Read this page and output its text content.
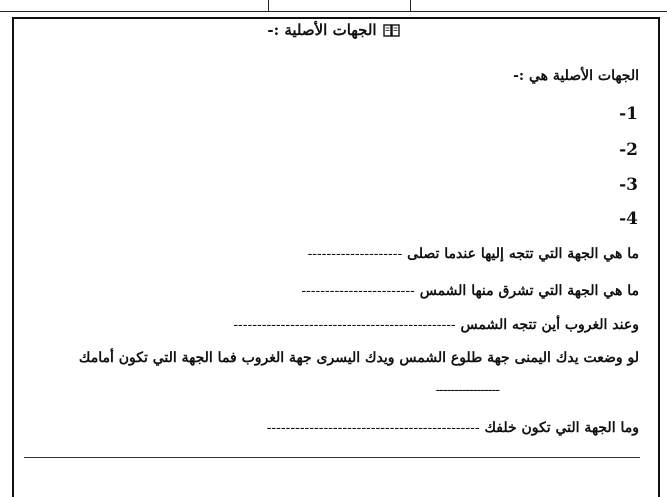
الجهات الأصلية :-
الجهات الأصلية هي :-
1-
2-
3-
4-
ما هي الجهة التي تتجه إليها عندما تصلى --------------------
ما هي الجهة التي تشرق منها الشمس ------------------------
وعند الغروب أين تتجه الشمس -----------------------------------------------
لو وضعت يدك اليمنى جهة طلوع الشمس ويدك اليسرى جهة الغروب فما الجهة التي تكون أمامك
-----------------
وما الجهة التي تكون خلفك ---------------------------------------------
